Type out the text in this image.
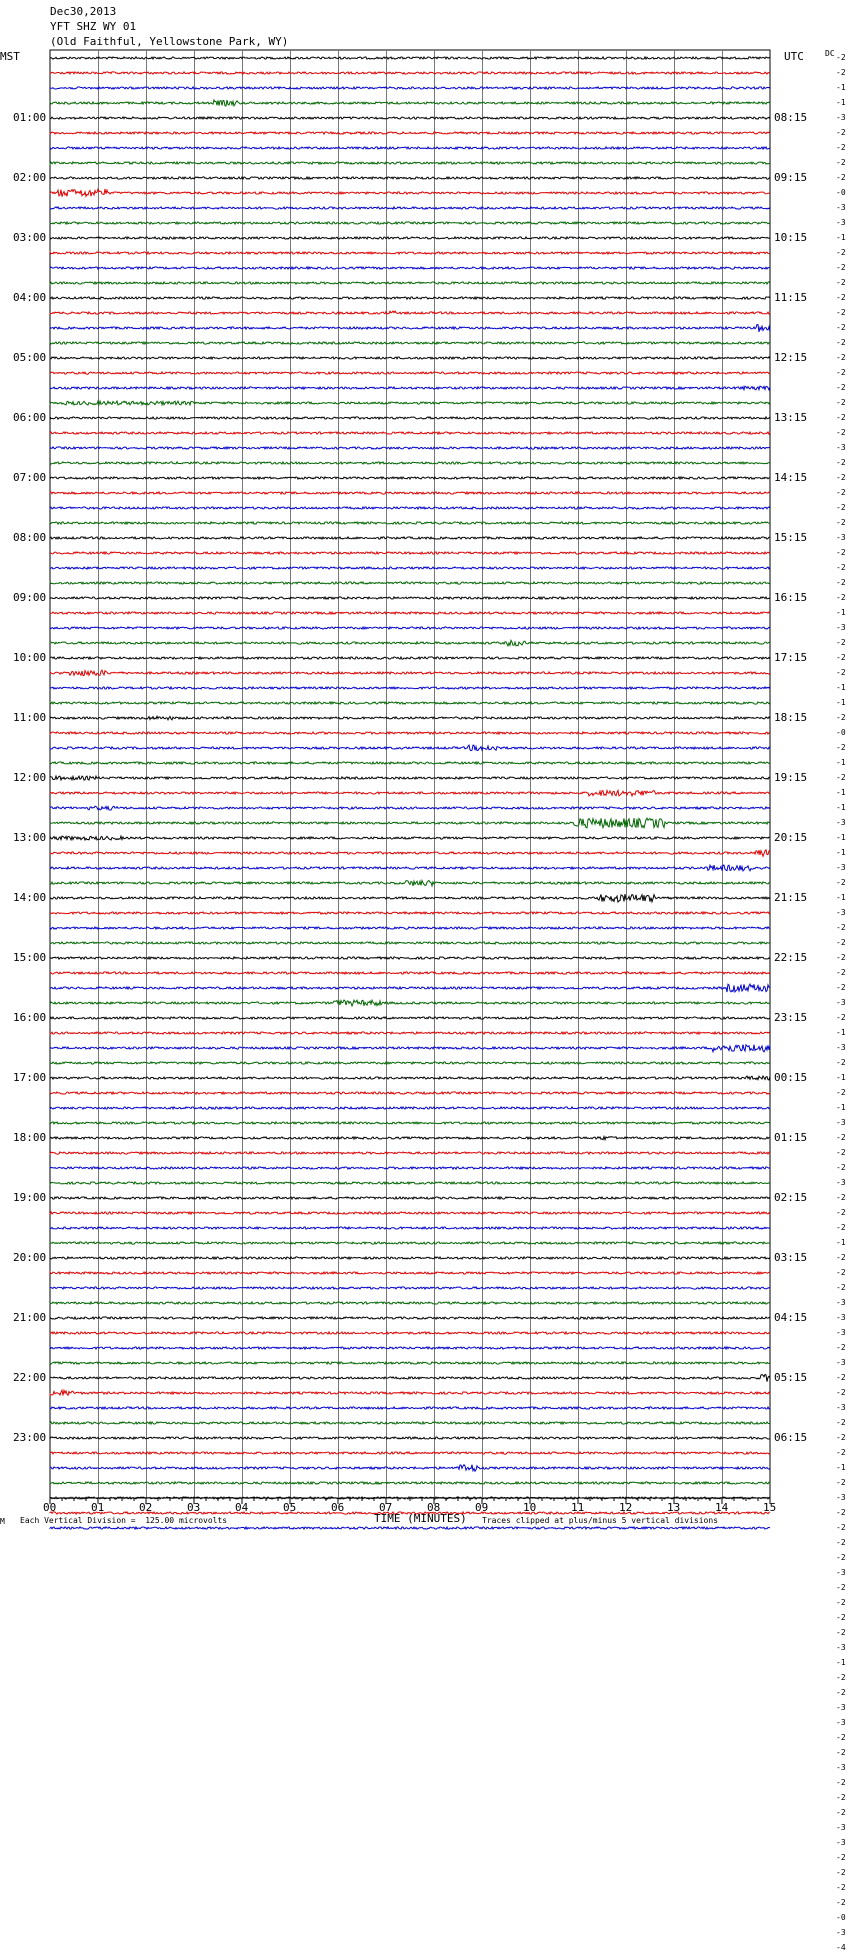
Dec30,2013
YFT SHZ WY 01
(Old Faithful, Yellowstone Park, WY)
MST	UTC	DC
00	01	02	03	04	05	06	07	08	09	10	11	12	13	14	15
01:00
02:00
03:00
04:00
05:00
06:00
07:00
08:00
09:00
10:00
11:00
12:00
13:00
14:00
15:00
16:00
17:00
18:00
19:00
20:00
21:00
22:00
23:00
08:15
09:15
10:15
11:15
12:15
13:15
14:15
15:15
16:15
17:15
18:15
19:15
20:15
21:15
22:15
23:15
00:15
01:15
02:15
03:15
04:15
05:15
06:15
-2
-2
-1
-1
-3
-2
-2
-2
-2
-0
-3
-3
-1
-2
-2
-2
-2
-2
-2
-2
-2
-2
-2
-2
-2
-2
-3
-2
-2
-2
-2
-2
-3
-2
-2
-2
-2
-1
-3
-2
-2
-2
-1
-1
-2
-0
-2
-1
-2
-1
-1
-3
-1
-1
-3
-2
-1
-3
-2
-2
-2
-2
-2
-3
-2
-1
-3
-2
-1
-2
-1
-3
-2
-2
-2
-3
-2
-2
-2
-1
-2
-2
-2
-3
-3
-3
-2
-3
-2
-2
-3
-2
-2
-2
-1
-2
-3
-2
-2
-2
-2
-3
-2
-2
-2
-2
-3
-1
-2
-2
-3
-3
-2
-2
-3
-2
-2
-2
-3
-3
-2
-2
-2
-2
-0
-3
-4
M Each Vertical Division =  125.00 microvolts	TIME (MINUTES) Traces clipped at plus/minus 5 vertical divisions
